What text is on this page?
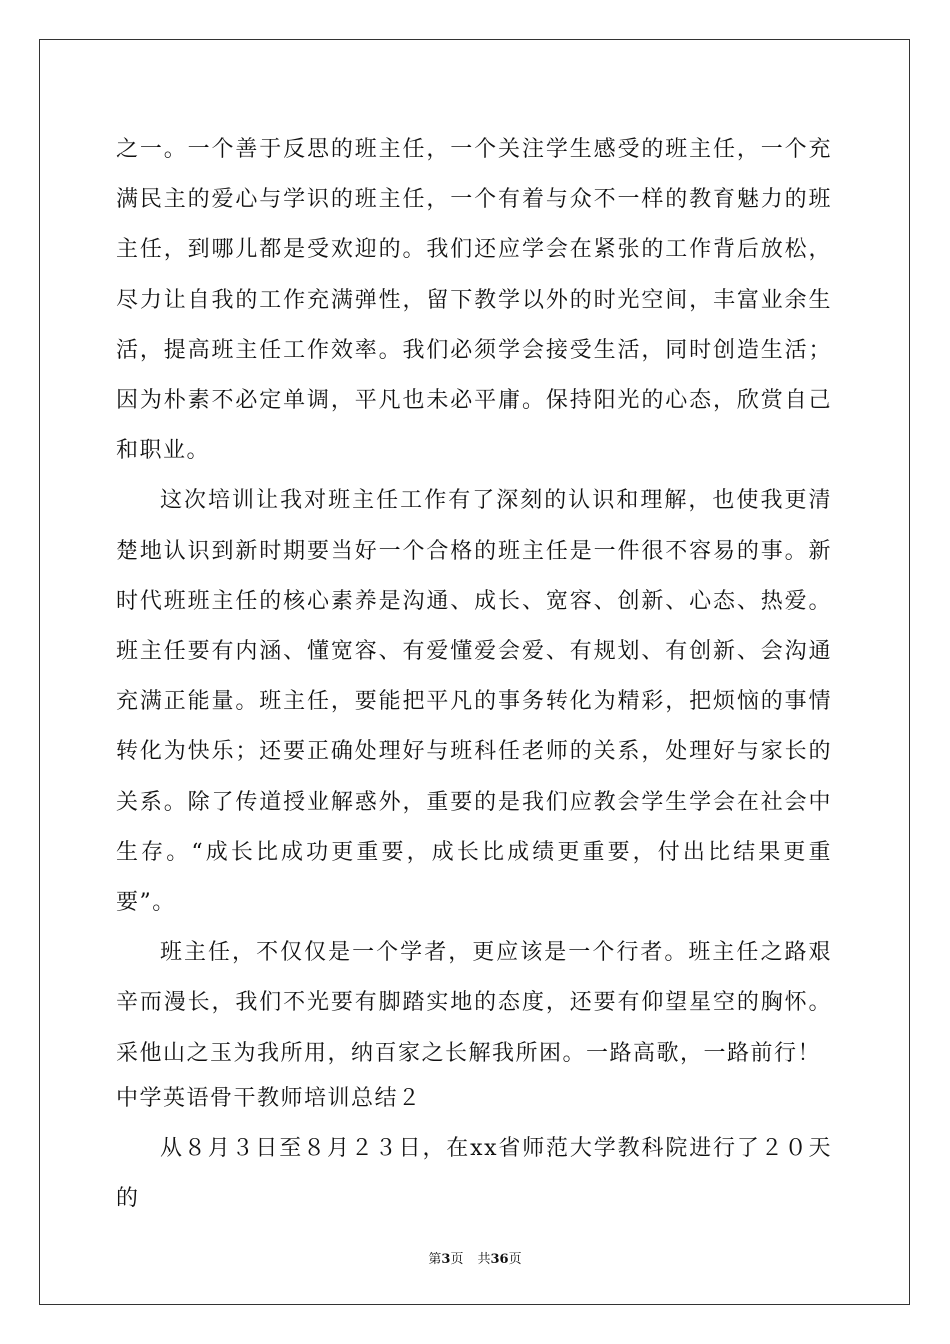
之一。一个善于反思的班主任，一个关注学生感受的班主任，一个充满民主的爱心与学识的班主任，一个有着与众不一样的教育魅力的班主任，到哪儿都是受欢迎的。我们还应学会在紧张的工作背后放松，尽力让自我的工作充满弹性，留下教学以外的时光空间，丰富业余生活，提高班主任工作效率。我们必须学会接受生活，同时创造生活；因为朴素不必定单调，平凡也未必平庸。保持阳光的心态，欣赏自己和职业。

这次培训让我对班主任工作有了深刻的认识和理解，也使我更清楚地认识到新时期要当好一个合格的班主任是一件很不容易的事。新时代班班主任的核心素养是沟通、成长、宽容、创新、心态、热爱。班主任要有内涵、懂宽容、有爱懂爱会爱、有规划、有创新、会沟通充满正能量。班主任，要能把平凡的事务转化为精彩，把烦恼的事情转化为快乐；还要正确处理好与班科任老师的关系，处理好与家长的关系。除了传道授业解惑外，重要的是我们应教会学生学会在社会中生存。“成长比成功更重要，成长比成绩更重要，付出比结果更重要”。

班主任，不仅仅是一个学者，更应该是一个行者。班主任之路艰辛而漫长，我们不光要有脚踏实地的态度，还要有仰望星空的胸怀。采他山之玉为我所用，纳百家之长解我所困。一路高歌，一路前行！

中学英语骨干教师培训总结２

从８月３日至８月２３日，在xx省师范大学教科院进行了２０天的

第3页 共36页
